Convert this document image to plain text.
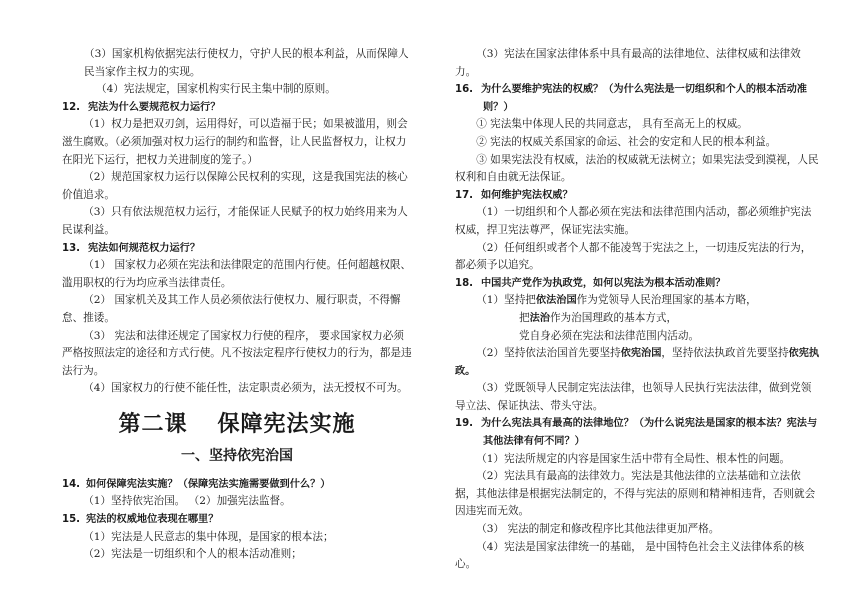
（3）国家机构依据宪法行使权力，守护人民的根本利益，从而保障人民当家作主权力的实现。

（4）宪法规定，国家机构实行民主集中制的原则。

12. 宪法为什么要规范权力运行？

（1）权力是把双刃剑，运用得好，可以造福于民；如果被滥用，则会滋生腐败。（必须加强对权力运行的制约和监督，让人民监督权力，让权力在阳光下运行，把权力关进制度的笼子。）

（2）规范国家权力运行以保障公民权利的实现，这是我国宪法的核心价值追求。

（3）只有依法规范权力运行，才能保证人民赋予的权力始终用来为人民谋利益。

13. 宪法如何规范权力运行？

（1） 国家权力必须在宪法和法律限定的范围内行使。任何超越权限、滥用职权的行为均应承当法律责任。

（2） 国家机关及其工作人员必须依法行使权力、履行职责，不得懈怠、推诿。

（3） 宪法和法律还规定了国家权力行使的程序， 要求国家权力必须严格按照法定的途径和方式行使。凡不按法定程序行使权力的行为，都是违法行为。

（4）国家权力的行使不能任性，法定职责必须为，法无授权不可为。

第二课 保障宪法实施
一、坚持依宪治国

14. 如何保障宪法实施？（保障宪法实施需要做到什么？）

（1）坚持依宪治国。 （2）加强宪法监督。

15. 宪法的权威地位表现在哪里？

（1）宪法是人民意志的集中体现，是国家的根本法；

（2）宪法是一切组织和个人的根本活动准则；

（3）宪法在国家法律体系中具有最高的法律地位、法律权威和法律效力。

16. 为什么要维护宪法的权威？（为什么宪法是一切组织和个人的根本活动准则？）

① 宪法集中体现人民的共同意志， 具有至高无上的权威。

② 宪法的权威关系国家的命运、社会的安定和人民的根本利益。

③ 如果宪法没有权威，法治的权威就无法树立；如果宪法受到漠视，人民权利和自由就无法保证。

17. 如何维护宪法权威？

（1）一切组织和个人都必须在宪法和法律范围内活动，都必须维护宪法权威，捍卫宪法尊严，保证宪法实施。

（2）任何组织或者个人都不能凌驾于宪法之上，一切违反宪法的行为，都必须予以追究。

18. 中国共产党作为执政党，如何以宪法为根本活动准则？

（1）坚持把依法治国作为党领导人民治理国家的基本方略，

把法治作为治国理政的基本方式，

党自身必须在宪法和法律范围内活动。

（2）坚持依法治国首先要坚持依宪治国，坚持依法执政首先要坚持依宪执政。

（3）党既领导人民制定宪法法律，也领导人民执行宪法法律，做到党领导立法、保证执法、带头守法。

19. 为什么宪法具有最高的法律地位？（为什么说宪法是国家的根本法？宪法与其他法律有何不同？）

（1）宪法所规定的内容是国家生活中带有全局性、根本性的问题。

（2）宪法具有最高的法律效力。宪法是其他法律的立法基础和立法依据，其他法律是根据宪法制定的，不得与宪法的原则和精神相违背，否则就会因违宪而无效。

（3） 宪法的制定和修改程序比其他法律更加严格。

（4）宪法是国家法律统一的基础， 是中国特色社会主义法律体系的核心。
